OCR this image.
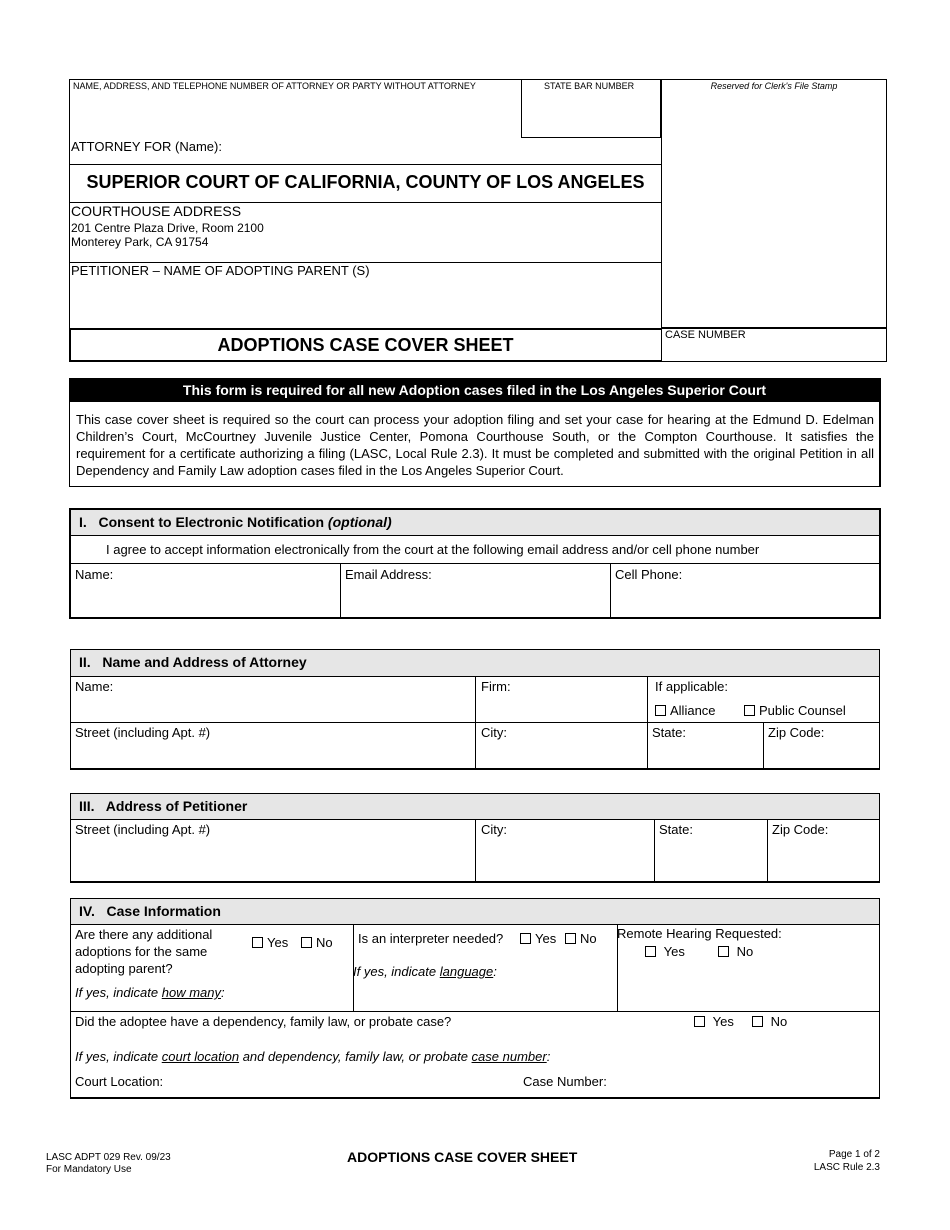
NAME, ADDRESS, AND TELEPHONE NUMBER OF ATTORNEY OR PARTY WITHOUT ATTORNEY	STATE BAR NUMBER	Reserved for Clerk's File Stamp
ATTORNEY FOR (Name):
SUPERIOR COURT OF CALIFORNIA, COUNTY OF LOS ANGELES
COURTHOUSE ADDRESS
201 Centre Plaza Drive, Room 2100
Monterey Park, CA 91754
PETITIONER – NAME OF ADOPTING PARENT (S)
ADOPTIONS CASE COVER SHEET	CASE NUMBER
This form is required for all new Adoption cases filed in the Los Angeles Superior Court
This case cover sheet is required so the court can process your adoption filing and set your case for hearing at the Edmund D. Edelman Children’s Court, McCourtney Juvenile Justice Center, Pomona Courthouse South, or the Compton Courthouse. It satisfies the requirement for a certificate authorizing a filing (LASC, Local Rule 2.3). It must be completed and submitted with the original Petition in all Dependency and Family Law adoption cases filed in the Los Angeles Superior Court.
I. Consent to Electronic Notification (optional)
I agree to accept information electronically from the court at the following email address and/or cell phone number
Name:	Email Address:	Cell Phone:
II. Name and Address of Attorney
Name:	Firm:	If applicable:
Alliance	Public Counsel
Street (including Apt. #)	City:	State:	Zip Code:
III. Address of Petitioner
Street (including Apt. #)	City:	State:	Zip Code:
IV. Case Information
Are there any additional
adoptions for the same
adopting parent?
Yes	No
If yes, indicate how many:
Is an interpreter needed?	Yes	No
If yes, indicate language:
Remote Hearing Requested:
Yes	No
Did the adoptee have a dependency, family law, or probate case?	Yes	No
If yes, indicate court location and dependency, family law, or probate case number:
Court Location:	Case Number:
LASC ADPT 029 Rev. 09/23
For Mandatory Use
ADOPTIONS CASE COVER SHEET	Page 1 of 2
LASC Rule 2.3
